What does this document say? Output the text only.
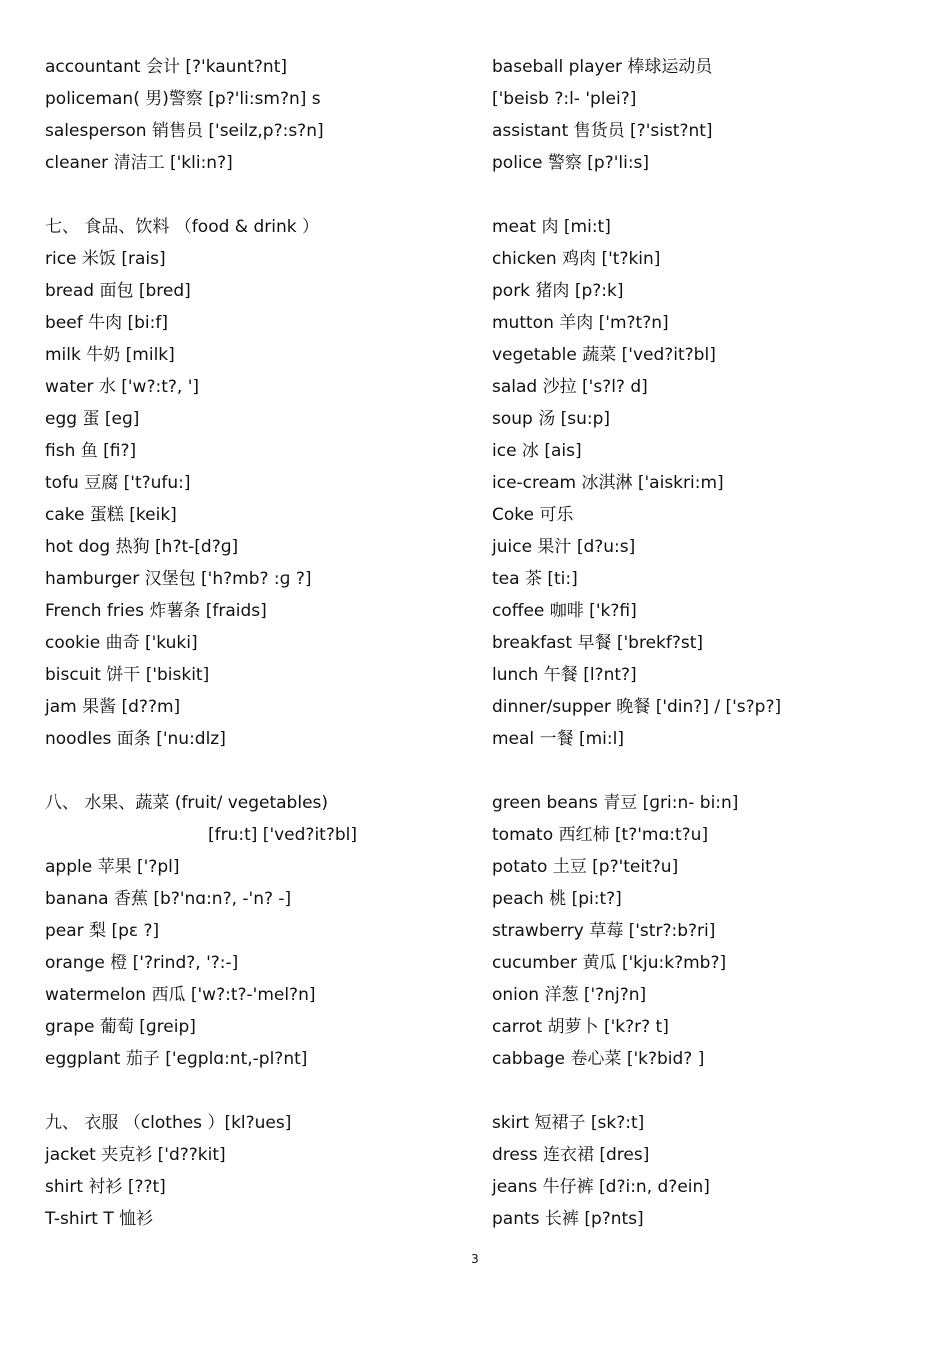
accountant 会计 [?'kaunt?nt]
policeman( 男)警察 [p?'li:sm?n] s
salesperson 销售员 ['seilz,p?:s?n]
cleaner 清洁工 ['kli:n?]
七、 食品、饮料 （food & drink ）
rice 米饭 [rais]
bread 面包 [bred]
beef 牛肉 [bi:f]
milk 牛奶 [milk]
water 水 ['w?:t?, ']
egg 蛋 [eɡ]
fish 鱼 [fi?]
tofu 豆腐 ['t?ufu:]
cake 蛋糕 [keik]
hot dog 热狗 [h?t-[d?ɡ]
hamburger 汉堡包 ['h?mb? :ɡ ?]
French fries 炸薯条 [fraids]
cookie 曲奇 ['kuki]
biscuit 饼干 ['biskit]
jam 果酱 [d??m]
noodles 面条 ['nu:dlz]
八、 水果、蔬菜 (fruit/ vegetables)
[fru:t] ['ved?it?bl]
apple 苹果 ['?pl]
banana 香蕉 [b?'nɑ:n?, -'n? -]
pear 梨 [pɛ ?]
orange 橙 ['?rind?, '?:-]
watermelon 西瓜 ['w?:t?-'mel?n]
grape 葡萄 [ɡreip]
eggplant 茄子 ['eɡplɑ:nt,-pl?nt]
九、 衣服 （clothes ）[kl?ues]
jacket 夹克衫 ['d??kit]
shirt 衬衫 [??t]
T-shirt T 恤衫
baseball player 棒球运动员
['beisb ?:l- 'plei?]
assistant 售货员 [?'sist?nt]
police 警察 [p?'li:s]
meat 肉 [mi:t]
chicken 鸡肉 ['t?kin]
pork 猪肉 [p?:k]
mutton 羊肉 ['m?t?n]
vegetable 蔬菜 ['ved?it?bl]
salad 沙拉 ['s?l? d]
soup 汤 [su:p]
ice 冰 [ais]
ice-cream 冰淇淋 ['aiskri:m]
Coke 可乐
juice 果汁 [d?u:s]
tea 茶 [ti:]
coffee 咖啡 ['k?fi]
breakfast 早餐 ['brekf?st]
lunch 午餐 [l?nt?]
dinner/supper 晚餐 ['din?] / ['s?p?]
meal 一餐 [mi:l]
green beans 青豆 [ɡri:n- bi:n]
tomato 西红柿 [t?'mɑ:t?u]
potato 土豆 [p?'teit?u]
peach 桃 [pi:t?]
strawberry 草莓 ['str?:b?ri]
cucumber 黄瓜 ['kju:k?mb?]
onion 洋葱 ['?nj?n]
carrot 胡萝卜 ['k?r? t]
cabbage 卷心菜 ['k?bid? ]
skirt 短裙子 [sk?:t]
dress 连衣裙 [dres]
jeans 牛仔裤 [d?i:n, d?ein]
pants 长裤 [p?nts]
3
